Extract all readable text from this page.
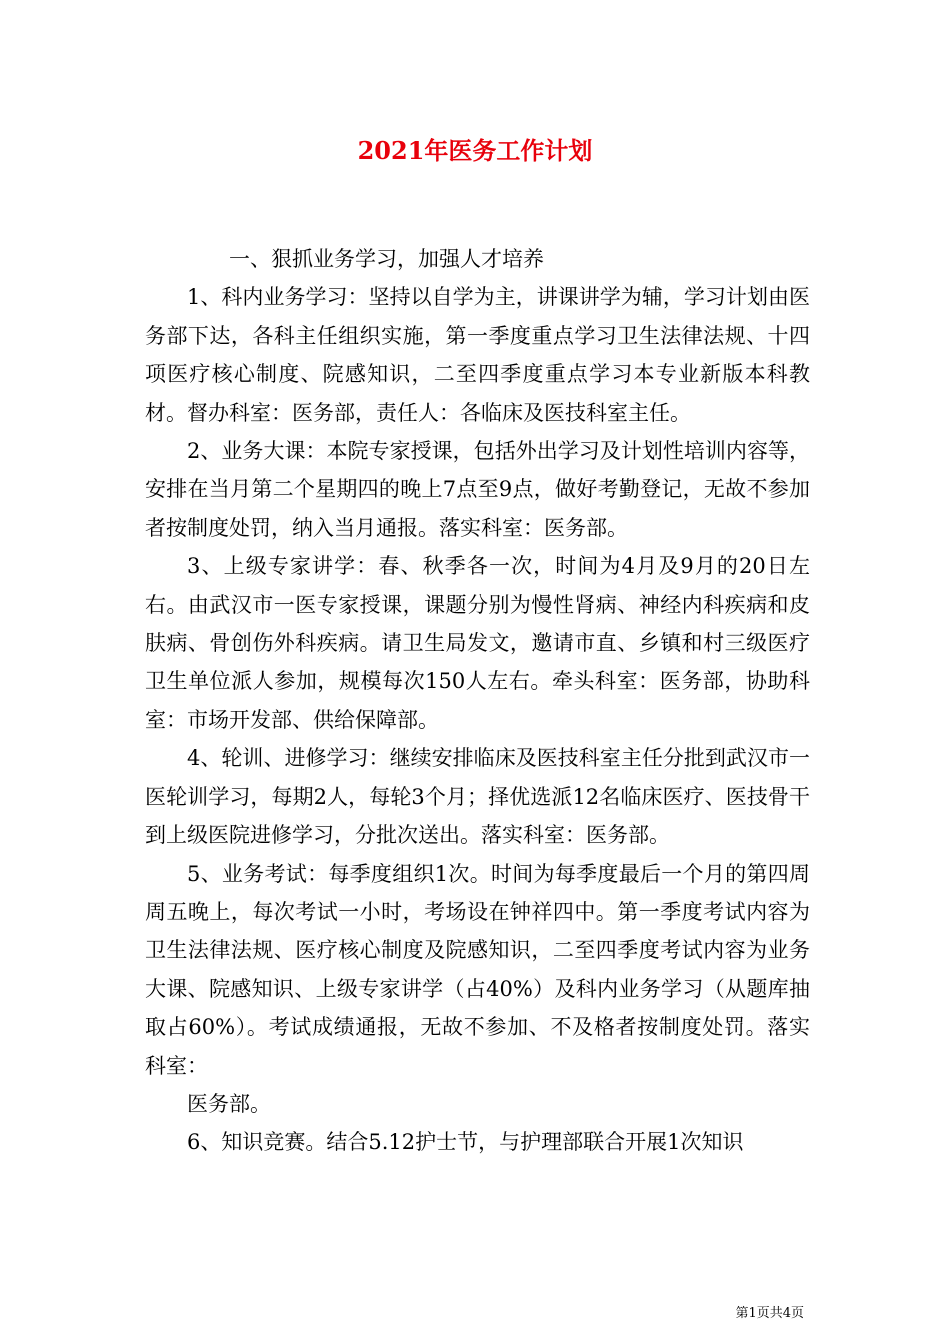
2021年医务工作计划

一、狠抓业务学习，加强人才培养

1、科内业务学习：坚持以自学为主，讲课讲学为辅，学习计划由医务部下达，各科主任组织实施，第一季度重点学习卫生法律法规、十四项医疗核心制度、院感知识，二至四季度重点学习本专业新版本科教材。督办科室：医务部，责任人：各临床及医技科室主任。

2、业务大课：本院专家授课，包括外出学习及计划性培训内容等，安排在当月第二个星期四的晚上7点至9点，做好考勤登记，无故不参加者按制度处罚，纳入当月通报。落实科室：医务部。

3、上级专家讲学：春、秋季各一次，时间为4月及9月的20日左右。由武汉市一医专家授课，课题分别为慢性肾病、神经内科疾病和皮肤病、骨创伤外科疾病。请卫生局发文，邀请市直、乡镇和村三级医疗卫生单位派人参加，规模每次150人左右。牵头科室：医务部，协助科室：市场开发部、供给保障部。

4、轮训、进修学习：继续安排临床及医技科室主任分批到武汉市一医轮训学习，每期2人，每轮3个月；择优选派12名临床医疗、医技骨干到上级医院进修学习，分批次送出。落实科室：医务部。

5、业务考试：每季度组织1次。时间为每季度最后一个月的第四周周五晚上，每次考试一小时，考场设在钟祥四中。第一季度考试内容为卫生法律法规、医疗核心制度及院感知识，二至四季度考试内容为业务大课、院感知识、上级专家讲学（占40%）及科内业务学习（从题库抽取占60%）。考试成绩通报，无故不参加、不及格者按制度处罚。落实科室：

医务部。

6、知识竞赛。结合5.12护士节，与护理部联合开展1次知识

第1页共4页
